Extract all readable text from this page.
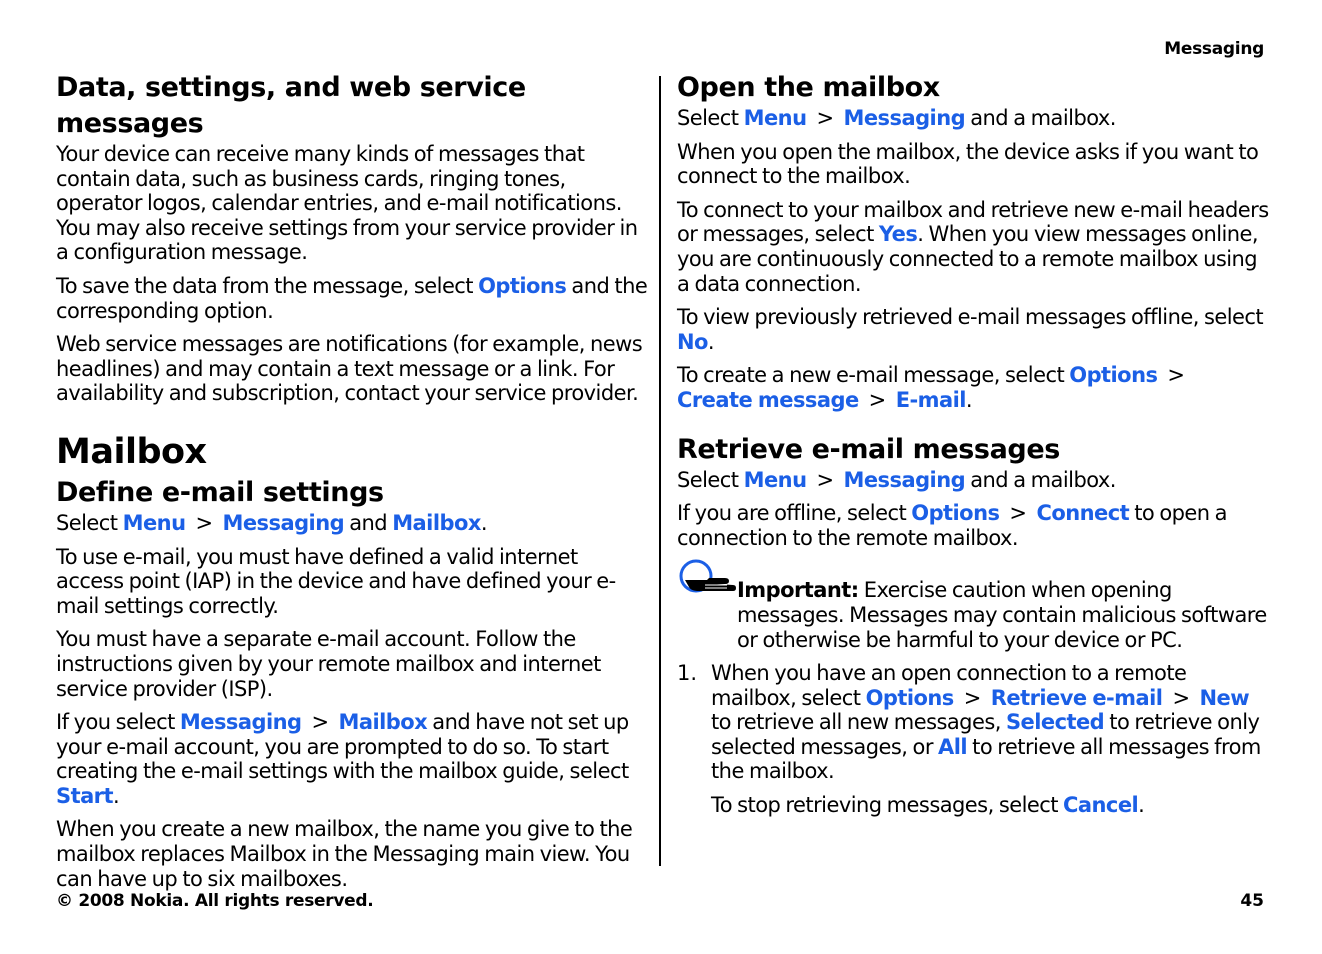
Messaging
Data, settings, and web service messages

Your device can receive many kinds of messages that contain data, such as business cards, ringing tones, operator logos, calendar entries, and e-mail notifications. You may also receive settings from your service provider in a configuration message.

To save the data from the message, select Options and the corresponding option.

Web service messages are notifications (for example, news headlines) and may contain a text message or a link. For availability and subscription, contact your service provider.

Mailbox
Define e-mail settings

Select Menu > Messaging and Mailbox.

To use e-mail, you must have defined a valid internet access point (IAP) in the device and have defined your e-mail settings correctly.

You must have a separate e-mail account. Follow the instructions given by your remote mailbox and internet service provider (ISP).

If you select Messaging > Mailbox and have not set up your e-mail account, you are prompted to do so. To start creating the e-mail settings with the mailbox guide, select Start.

When you create a new mailbox, the name you give to the mailbox replaces Mailbox in the Messaging main view. You can have up to six mailboxes.

Open the mailbox

Select Menu > Messaging and a mailbox.

When you open the mailbox, the device asks if you want to connect to the mailbox.

To connect to your mailbox and retrieve new e-mail headers or messages, select Yes. When you view messages online, you are continuously connected to a remote mailbox using a data connection.

To view previously retrieved e-mail messages offline, select No.

To create a new e-mail message, select Options >Create message > E-mail.

Retrieve e-mail messages

Select Menu > Messaging and a mailbox.

If you are offline, select Options > Connect to open a connection to the remote mailbox.

Important: Exercise caution when opening messages. Messages may contain malicious software or otherwise be harmful to your device or PC.

1. When you have an open connection to a remote mailbox, select Options > Retrieve e-mail > New to retrieve all new messages, Selected to retrieve only selected messages, or All to retrieve all messages from the mailbox.

To stop retrieving messages, select Cancel.

© 2008 Nokia. All rights reserved.	45
